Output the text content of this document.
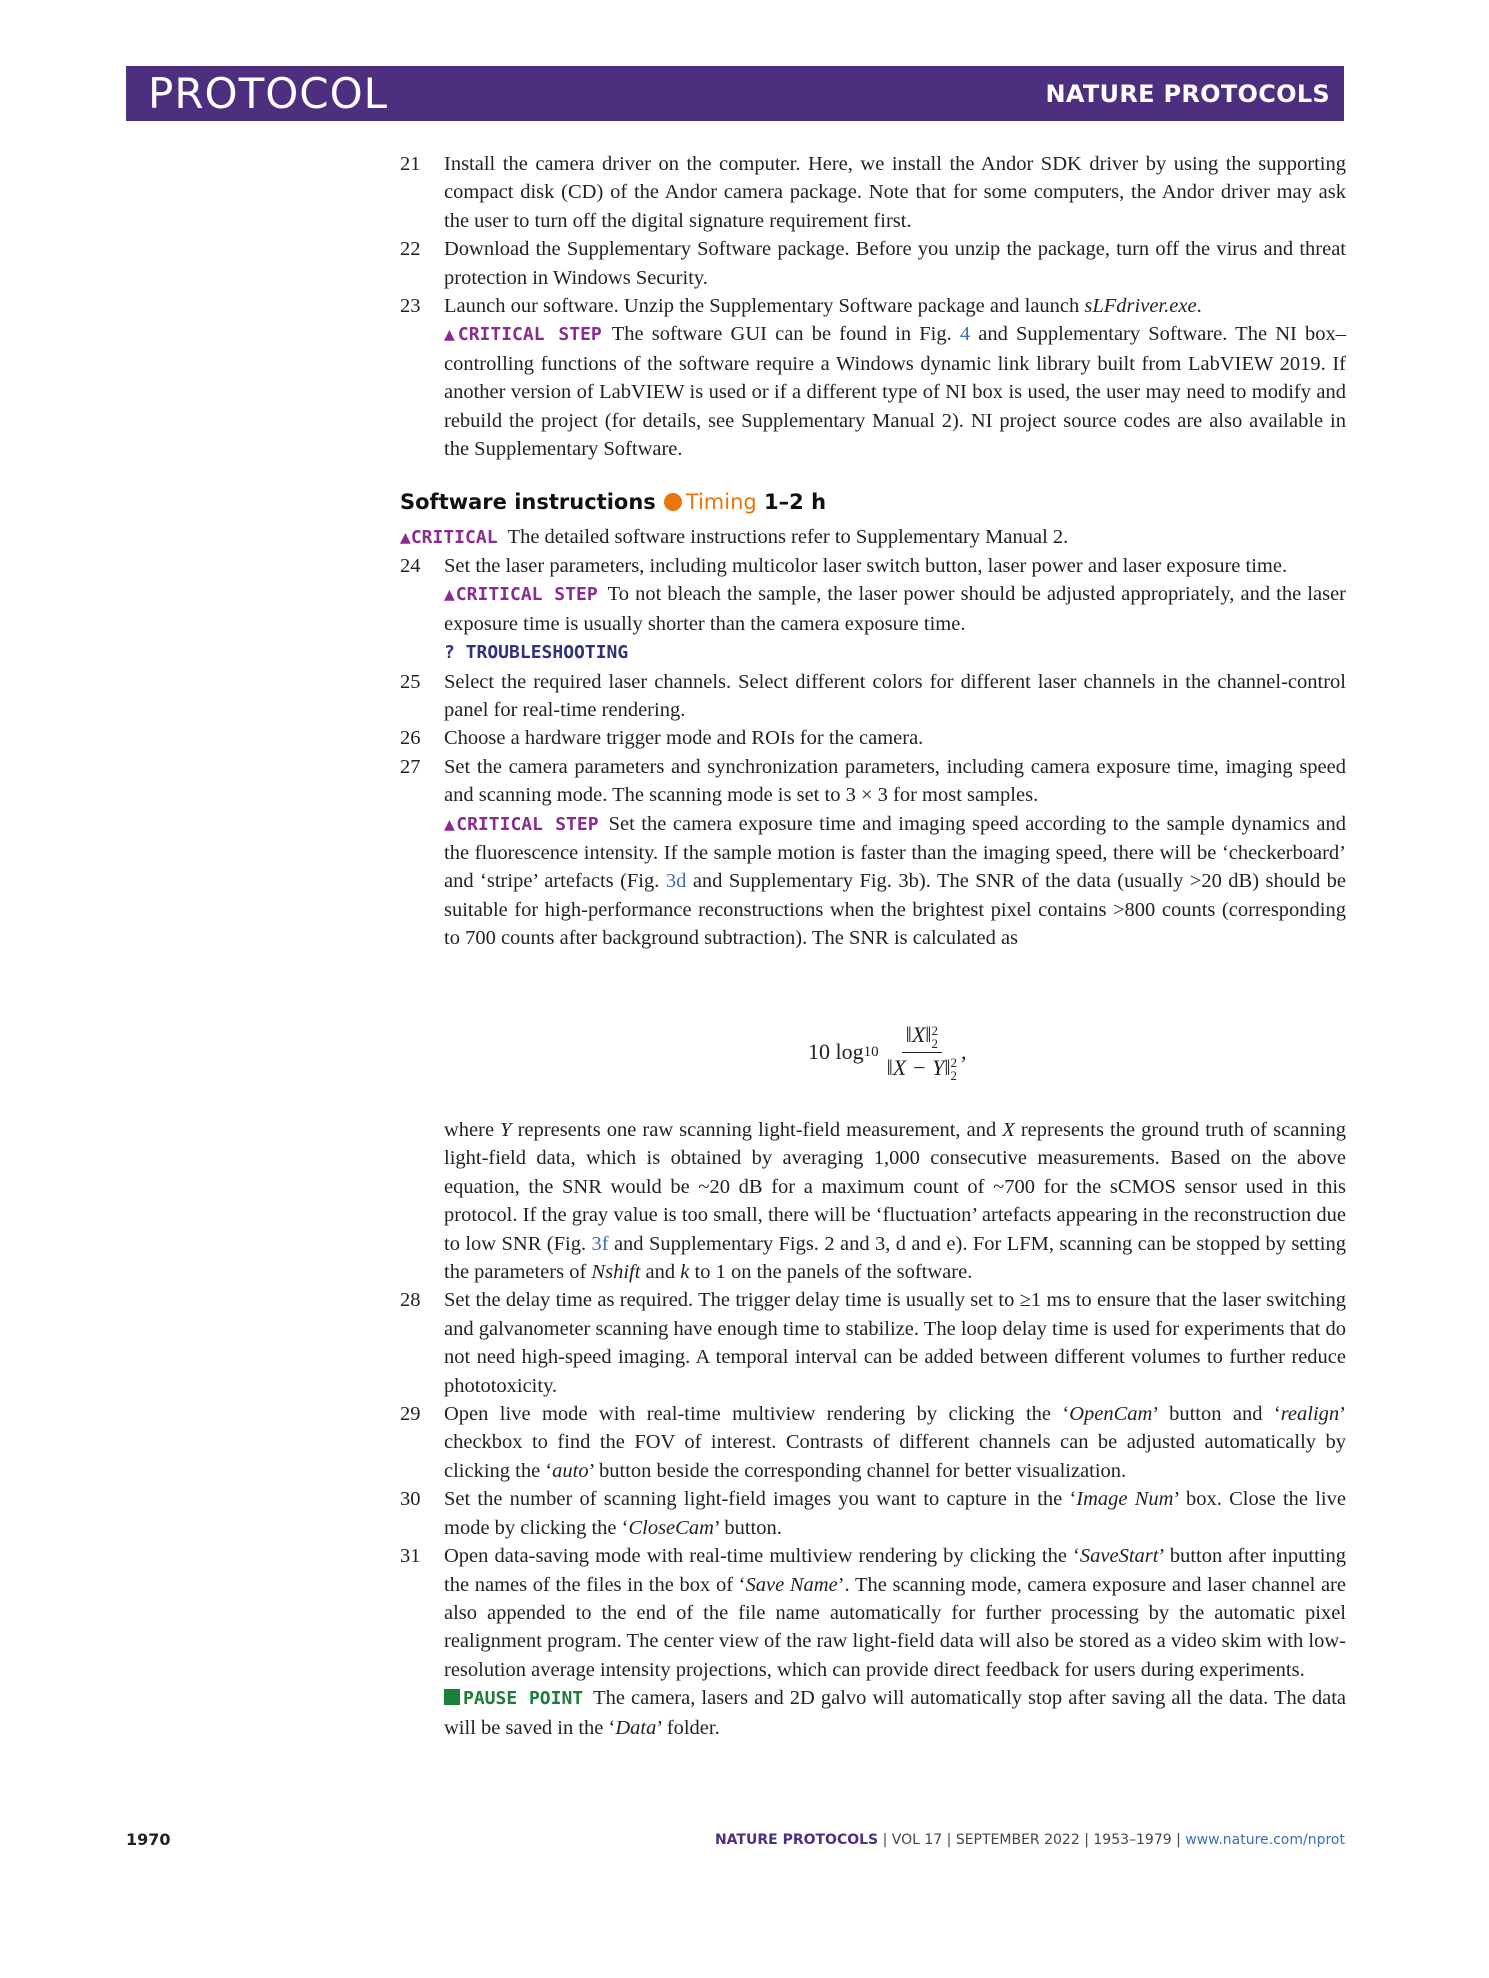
PROTOCOL	NATURE PROTOCOLS

21	Install the camera driver on the computer. Here, we install the Andor SDK driver by using the supporting compact disk (CD) of the Andor camera package. Note that for some computers, the Andor driver may ask the user to turn off the digital signature requirement first.

22	Download the Supplementary Software package. Before you unzip the package, turn off the virus and threat protection in Windows Security.

23	Launch our software. Unzip the Supplementary Software package and launch sLFdriver.exe.

▲CRITICAL STEP The software GUI can be found in Fig. 4 and Supplementary Software. The NI box–controlling functions of the software require a Windows dynamic link library built from LabVIEW 2019. If another version of LabVIEW is used or if a different type of NI box is used, the user may need to modify and rebuild the project (for details, see Supplementary Manual 2). NI project source codes are also available in the Supplementary Software.

Software instructions Timing 1–2 h

▲CRITICAL The detailed software instructions refer to Supplementary Manual 2.

24	Set the laser parameters, including multicolor laser switch button, laser power and laser exposure time.

▲CRITICAL STEP To not bleach the sample, the laser power should be adjusted appropriately, and the laser exposure time is usually shorter than the camera exposure time.

? TROUBLESHOOTING

25	Select the required laser channels. Select different colors for different laser channels in the channel-control panel for real-time rendering.

26	Choose a hardware trigger mode and ROIs for the camera.

27	Set the camera parameters and synchronization parameters, including camera exposure time, imaging speed and scanning mode. The scanning mode is set to 3 × 3 for most samples.

▲CRITICAL STEP Set the camera exposure time and imaging speed according to the sample dynamics and the fluorescence intensity. If the sample motion is faster than the imaging speed, there will be ‘checkerboard’ and ‘stripe’ artefacts (Fig. 3d and Supplementary Fig. 3b). The SNR of the data (usually >20 dB) should be suitable for high-performance reconstructions when the brightest pixel contains >800 counts (corresponding to 700 counts after background subtraction). The SNR is calculated as

10 log 10 ‖X‖ 2
2
‖X − Y‖ 2
2 ,

where Y represents one raw scanning light-field measurement, and X represents the ground truth of scanning light-field data, which is obtained by averaging 1,000 consecutive measurements. Based on the above equation, the SNR would be ~20 dB for a maximum count of ~700 for the sCMOS sensor used in this protocol. If the gray value is too small, there will be ‘fluctuation’ artefacts appearing in the reconstruction due to low SNR (Fig. 3f and Supplementary Figs. 2 and 3, d and e). For LFM, scanning can be stopped by setting the parameters of Nshift and k to 1 on the panels of the software.

28	Set the delay time as required. The trigger delay time is usually set to ≥1 ms to ensure that the laser switching and galvanometer scanning have enough time to stabilize. The loop delay time is used for experiments that do not need high-speed imaging. A temporal interval can be added between different volumes to further reduce phototoxicity.

29	Open live mode with real-time multiview rendering by clicking the ‘OpenCam’ button and ‘realign’ checkbox to find the FOV of interest. Contrasts of different channels can be adjusted automatically by clicking the ‘auto’ button beside the corresponding channel for better visualization.

30	Set the number of scanning light-field images you want to capture in the ‘Image Num’ box. Close the live mode by clicking the ‘CloseCam’ button.

31	Open data-saving mode with real-time multiview rendering by clicking the ‘SaveStart’ button after inputting the names of the files in the box of ‘Save Name’. The scanning mode, camera exposure and laser channel are also appended to the end of the file name automatically for further processing by the automatic pixel realignment program. The center view of the raw light-field data will also be stored as a video skim with low-resolution average intensity projections, which can provide direct feedback for users during experiments.

PAUSE POINT The camera, lasers and 2D galvo will automatically stop after saving all the data. The data will be saved in the ‘Data’ folder.

1970	NATURE PROTOCOLS | VOL 17 | SEPTEMBER 2022 | 1953–1979 | www.nature.com/nprot
